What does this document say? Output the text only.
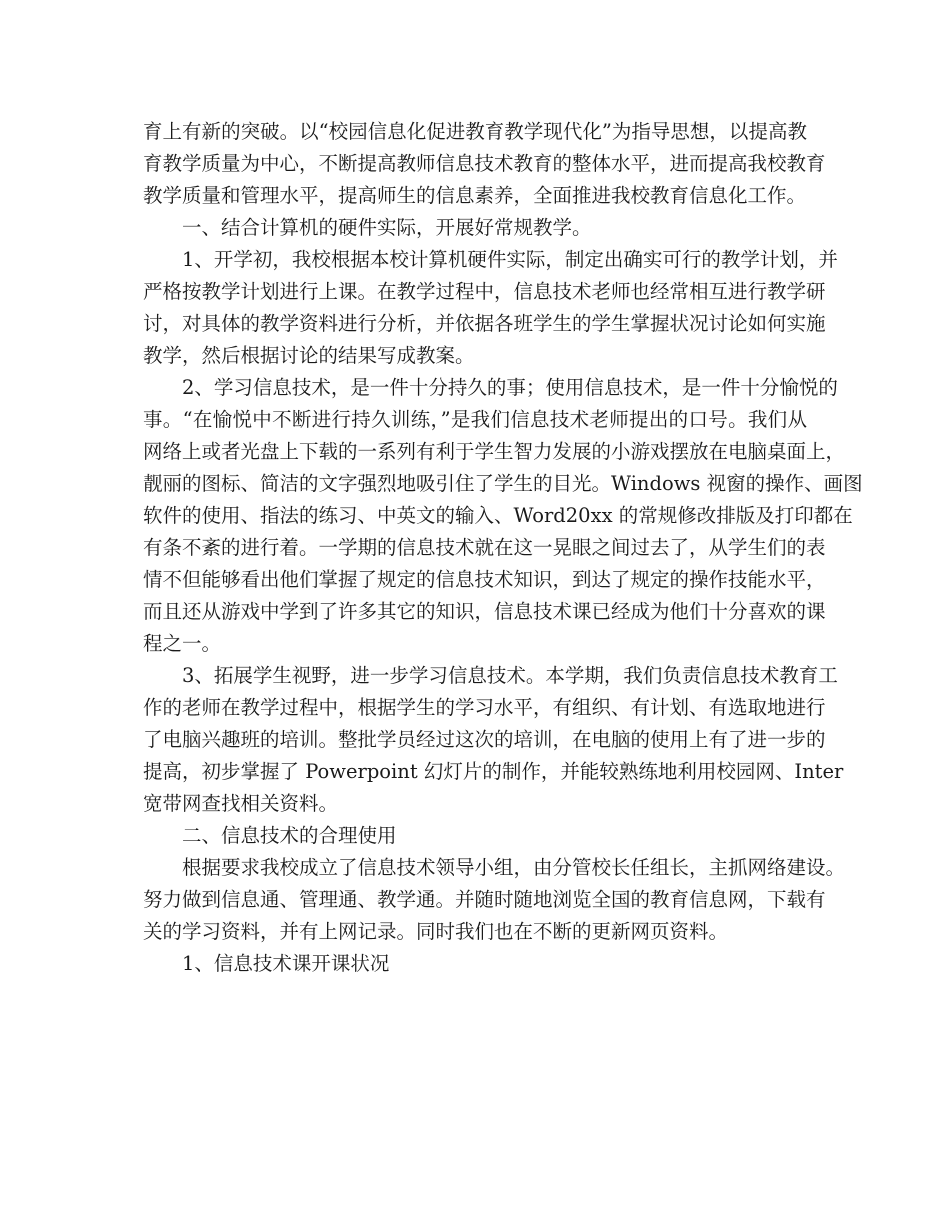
育上有新的突破。以“校园信息化促进教育教学现代化”为指导思想，以提高教
育教学质量为中心，不断提高教师信息技术教育的整体水平，进而提高我校教育
教学质量和管理水平，提高师生的信息素养，全面推进我校教育信息化工作。
一、结合计算机的硬件实际，开展好常规教学。
1、开学初，我校根据本校计算机硬件实际，制定出确实可行的教学计划，并
严格按教学计划进行上课。在教学过程中，信息技术老师也经常相互进行教学研
讨，对具体的教学资料进行分析，并依据各班学生的学生掌握状况讨论如何实施
教学，然后根据讨论的结果写成教案。
2、学习信息技术，是一件十分持久的事；使用信息技术，是一件十分愉悦的
事。“在愉悦中不断进行持久训练，”是我们信息技术老师提出的口号。我们从
网络上或者光盘上下载的一系列有利于学生智力发展的小游戏摆放在电脑桌面上，
靓丽的图标、简洁的文字强烈地吸引住了学生的目光。Windows 视窗的操作、画图
软件的使用、指法的练习、中英文的输入、Word20xx 的常规修改排版及打印都在
有条不紊的进行着。一学期的信息技术就在这一晃眼之间过去了，从学生们的表
情不但能够看出他们掌握了规定的信息技术知识，到达了规定的操作技能水平，
而且还从游戏中学到了许多其它的知识，信息技术课已经成为他们十分喜欢的课
程之一。
3、拓展学生视野，进一步学习信息技术。本学期，我们负责信息技术教育工
作的老师在教学过程中，根据学生的学习水平，有组织、有计划、有选取地进行
了电脑兴趣班的培训。整批学员经过这次的培训，在电脑的使用上有了进一步的
提高，初步掌握了 Powerpoint 幻灯片的制作，并能较熟练地利用校园网、Inter
宽带网查找相关资料。
二、信息技术的合理使用
根据要求我校成立了信息技术领导小组，由分管校长任组长，主抓网络建设。
努力做到信息通、管理通、教学通。并随时随地浏览全国的教育信息网，下载有
关的学习资料，并有上网记录。同时我们也在不断的更新网页资料。
1、信息技术课开课状况
